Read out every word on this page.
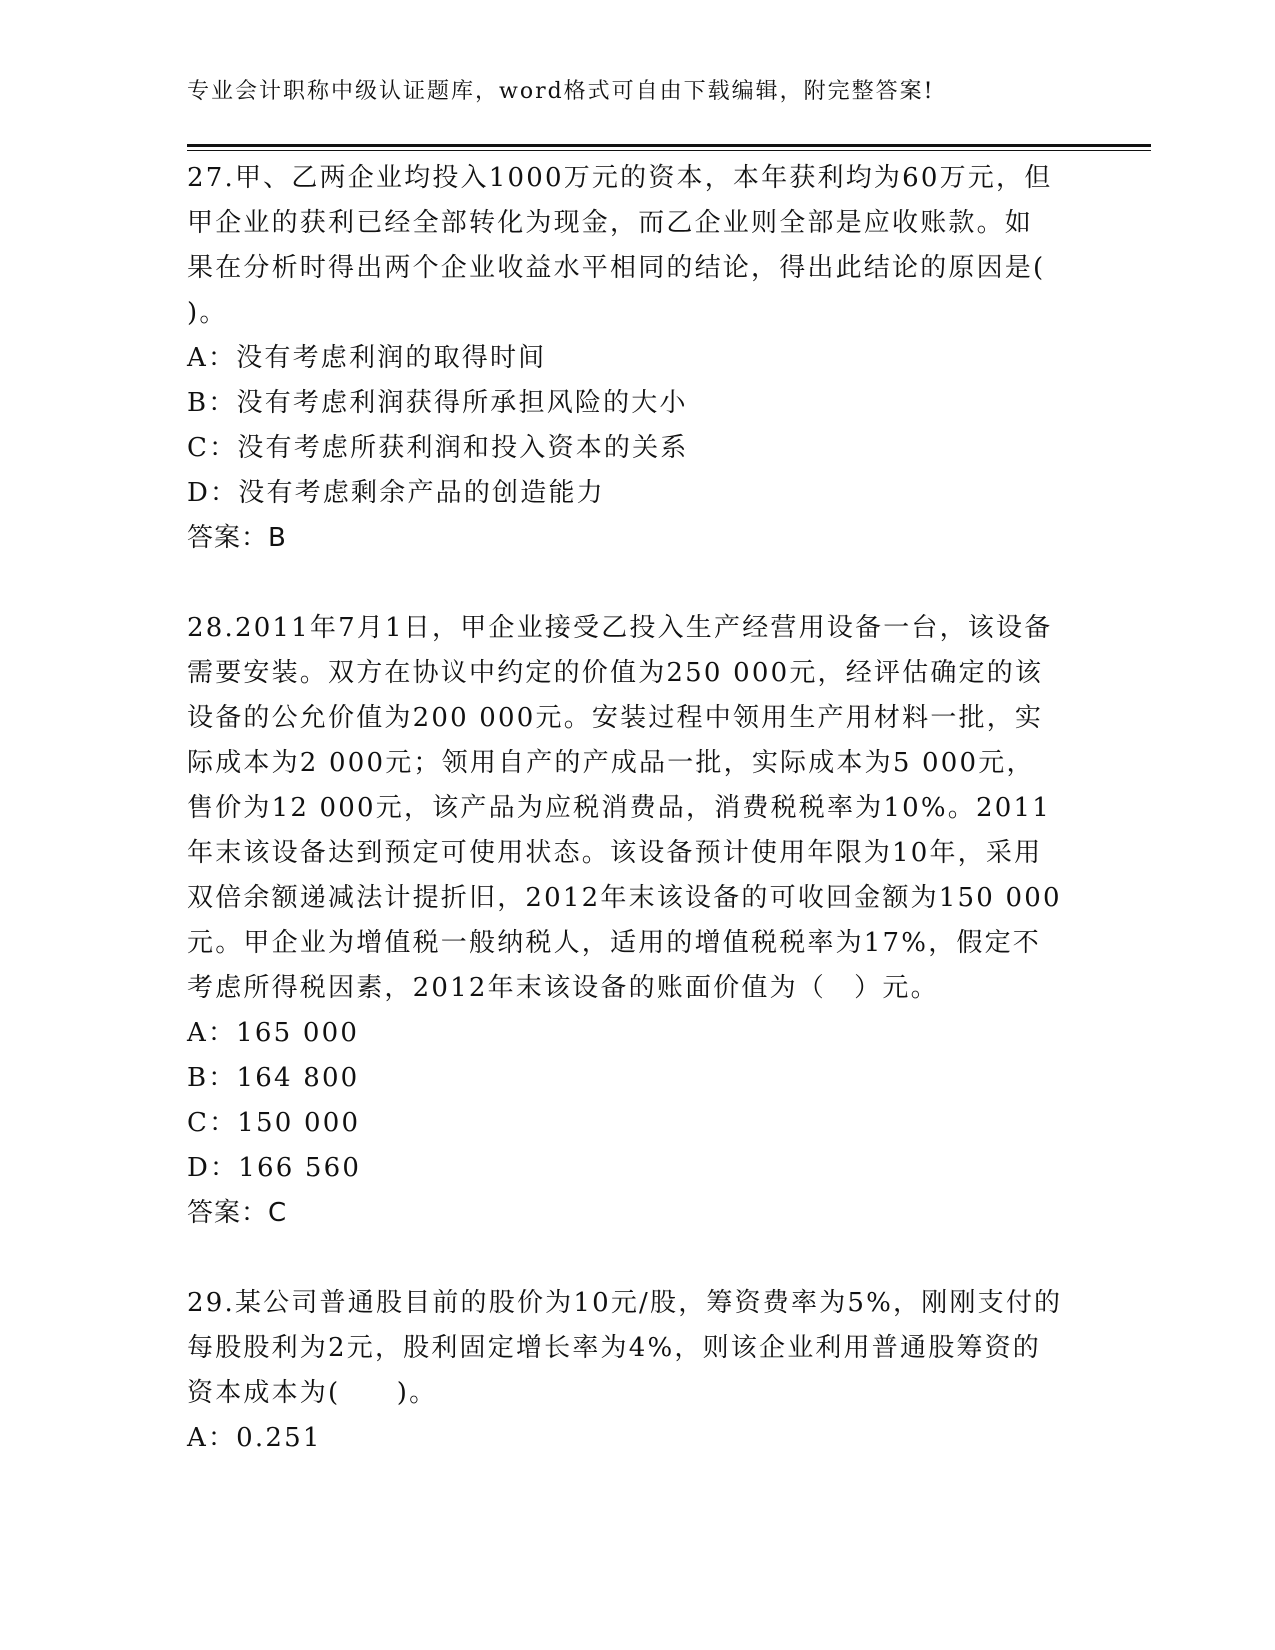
专业会计职称中级认证题库，word格式可自由下载编辑，附完整答案!
27.甲、乙两企业均投入1000万元的资本，本年获利均为60万元，但
甲企业的获利已经全部转化为现金，而乙企业则全部是应收账款。如
果在分析时得出两个企业收益水平相同的结论，得出此结论的原因是(
)。
A：没有考虑利润的取得时间
B：没有考虑利润获得所承担风险的大小
C：没有考虑所获利润和投入资本的关系
D：没有考虑剩余产品的创造能力
答案：B
28.2011年7月1日，甲企业接受乙投入生产经营用设备一台，该设备
需要安装。双方在协议中约定的价值为250 000元，经评估确定的该
设备的公允价值为200 000元。安装过程中领用生产用材料一批，实
际成本为2 000元；领用自产的产成品一批，实际成本为5 000元，
售价为12 000元，该产品为应税消费品，消费税税率为10%。2011
年末该设备达到预定可使用状态。该设备预计使用年限为10年，采用
双倍余额递减法计提折旧，2012年末该设备的可收回金额为150 000
元。甲企业为增值税一般纳税人，适用的增值税税率为17%，假定不
考虑所得税因素，2012年末该设备的账面价值为（　）元。
A：165 000
B：164 800
C：150 000
D：166 560
答案：C
29.某公司普通股目前的股价为10元/股，筹资费率为5%，刚刚支付的
每股股利为2元，股利固定增长率为4%，则该企业利用普通股筹资的
资本成本为(　　)。
A：0.251
